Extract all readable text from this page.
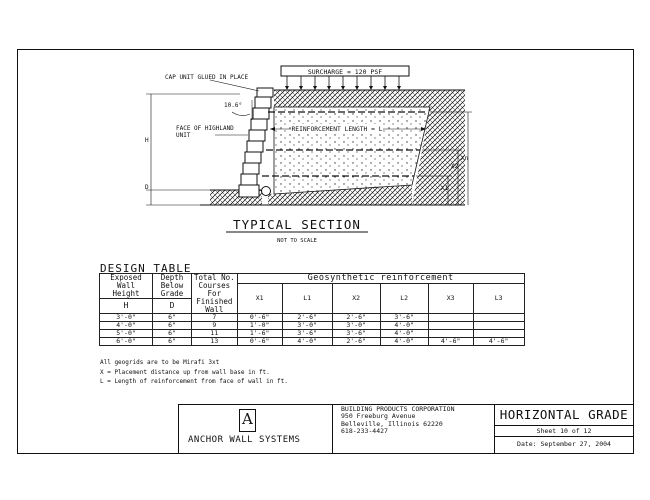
SURCHARGE = 120 PSF
REINFORCEMENT LENGTH = L
CAP UNIT GLUED IN PLACE
FACE OF HIGHLAND
UNIT
10.6°
H
D	X1
X2
Xn
TYPICAL SECTION
NOT TO SCALE
DESIGN TABLE
Exposed
Wall
Height	Depth
Below
Grade	Total No.
Courses
For
Finished
Wall	Geosynthetic reinforcement					
			X1	L1	X2	L2	X3	L3
H	D							
3'-0"	6"	7	0'-6"	2'-6"	2'-6"	3'-6"		
4'-0"	6"	9	1'-0"	3'-0"	3'-0"	4'-0"		
5'-0"	6"	11	1'-6"	3'-6"	3'-6"	4'-0"		
6'-0"	6"	13	0'-6"	4'-0"	2'-6"	4'-0"	4'-6"	4'-6"
All geogrids are to be Mirafi 3xt
X = Placement distance up from wall base in ft.
L = Length of reinforcement from face of wall in ft.
A
ANCHOR WALL SYSTEMS
BUILDING PRODUCTS CORPORATION
950 Freeburg Avenue
Belleville, Illinois 62220
618-233-4427
HORIZONTAL GRADE
Sheet 10 of 12
Date: September 27, 2004
